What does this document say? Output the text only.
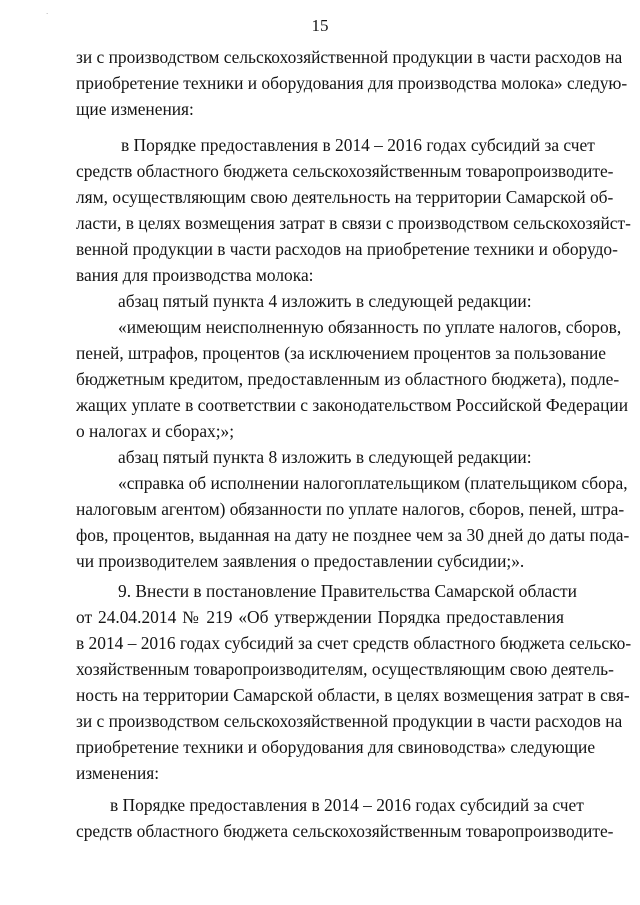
`	15
зи с производством сельскохозяйственной продукции в части расходов на
приобретение техники и оборудования для производства молока» следую-
щие изменения:
в Порядке предоставления в 2014 – 2016 годах субсидий за счет
средств областного бюджета сельскохозяйственным товаропроизводите-
лям, осуществляющим свою деятельность на территории Самарской об-
ласти, в целях возмещения затрат в связи с производством сельскохозяйст-
венной продукции в части расходов на приобретение техники и оборудо-
вания для производства молока:
абзац пятый пункта 4 изложить в следующей редакции:
«имеющим неисполненную обязанность по уплате налогов, сборов,
пеней, штрафов, процентов (за исключением процентов за пользование
бюджетным кредитом, предоставленным из областного бюджета), подле-
жащих уплате в соответствии с законодательством Российской Федерации
о налогах и сборах;»;
абзац пятый пункта 8 изложить в следующей редакции:
«справка об исполнении налогоплательщиком (плательщиком сбора,
налоговым агентом) обязанности по уплате налогов, сборов, пеней, штра-
фов, процентов, выданная на дату не позднее чем за 30 дней до даты пода-
чи производителем заявления о предоставлении субсидии;».
9. Внести в постановление Правительства Самарской области
от 24.04.2014 № 219 «Об утверждении Порядка предоставления
в 2014 – 2016 годах субсидий за счет средств областного бюджета сельско-
хозяйственным товаропроизводителям, осуществляющим свою деятель-
ность на территории Самарской области, в целях возмещения затрат в свя-
зи с производством сельскохозяйственной продукции в части расходов на
приобретение техники и оборудования для свиноводства» следующие
изменения:
в Порядке предоставления в 2014 – 2016 годах субсидий за счет
средств областного бюджета сельскохозяйственным товаропроизводите-
